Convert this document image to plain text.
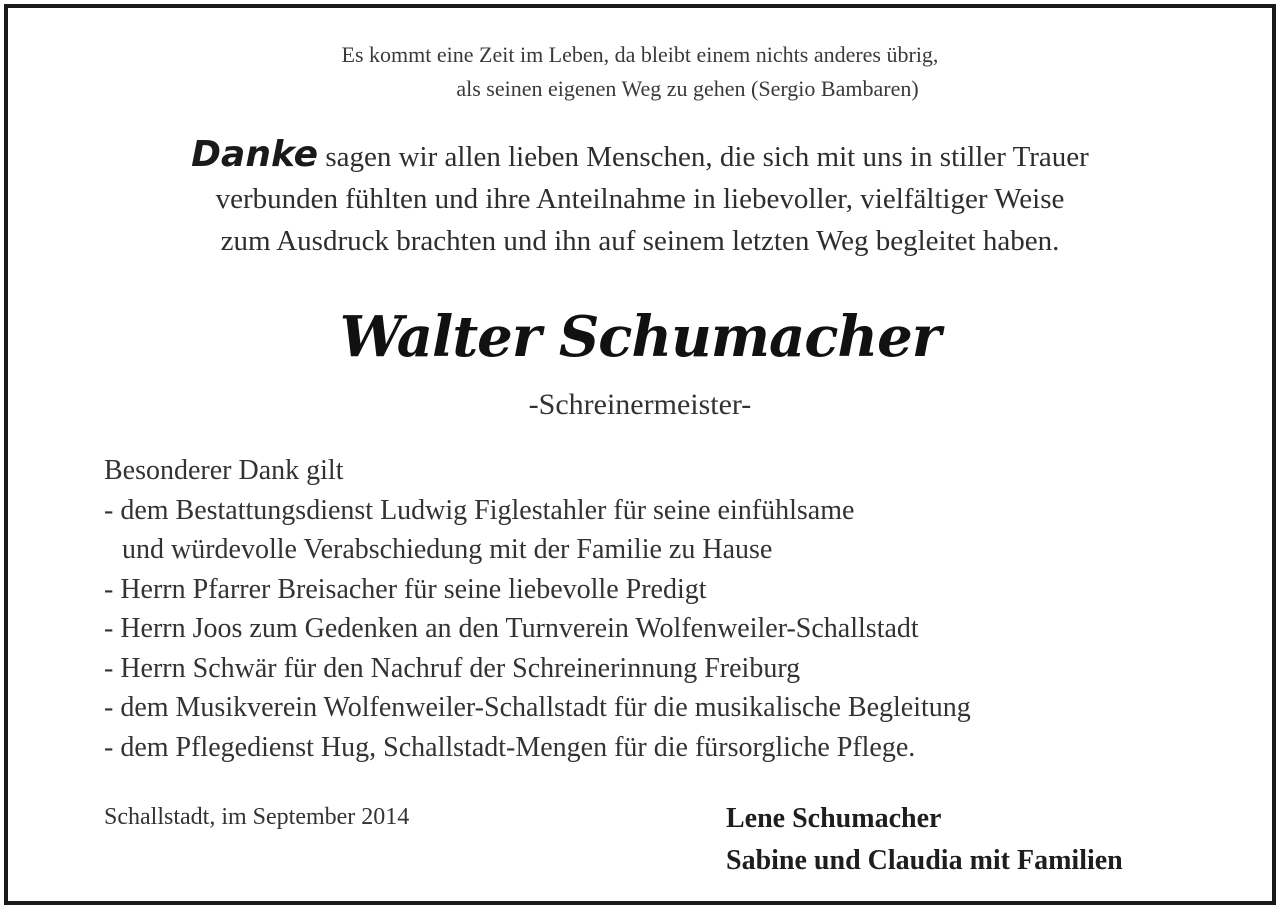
Es kommt eine Zeit im Leben, da bleibt einem nichts anderes übrig,
als seinen eigenen Weg zu gehen (Sergio Bambaren)
Danke sagen wir allen lieben Menschen, die sich mit uns in stiller Trauer
verbunden fühlten und ihre Anteilnahme in liebevoller, vielfältiger Weise
zum Ausdruck brachten und ihn auf seinem letzten Weg begleitet haben.
Walter Schumacher
-Schreinermeister-
Besonderer Dank gilt
- dem Bestattungsdienst Ludwig Figlestahler für seine einfühlsame
und würdevolle Verabschiedung mit der Familie zu Hause
- Herrn Pfarrer Breisacher für seine liebevolle Predigt
- Herrn Joos zum Gedenken an den Turnverein Wolfenweiler-Schallstadt
- Herrn Schwär für den Nachruf der Schreinerinnung Freiburg
- dem Musikverein Wolfenweiler-Schallstadt für die musikalische Begleitung
- dem Pflegedienst Hug, Schallstadt-Mengen für die fürsorgliche Pflege.
Schallstadt, im September 2014	Lene Schumacher
Sabine und Claudia mit Familien
